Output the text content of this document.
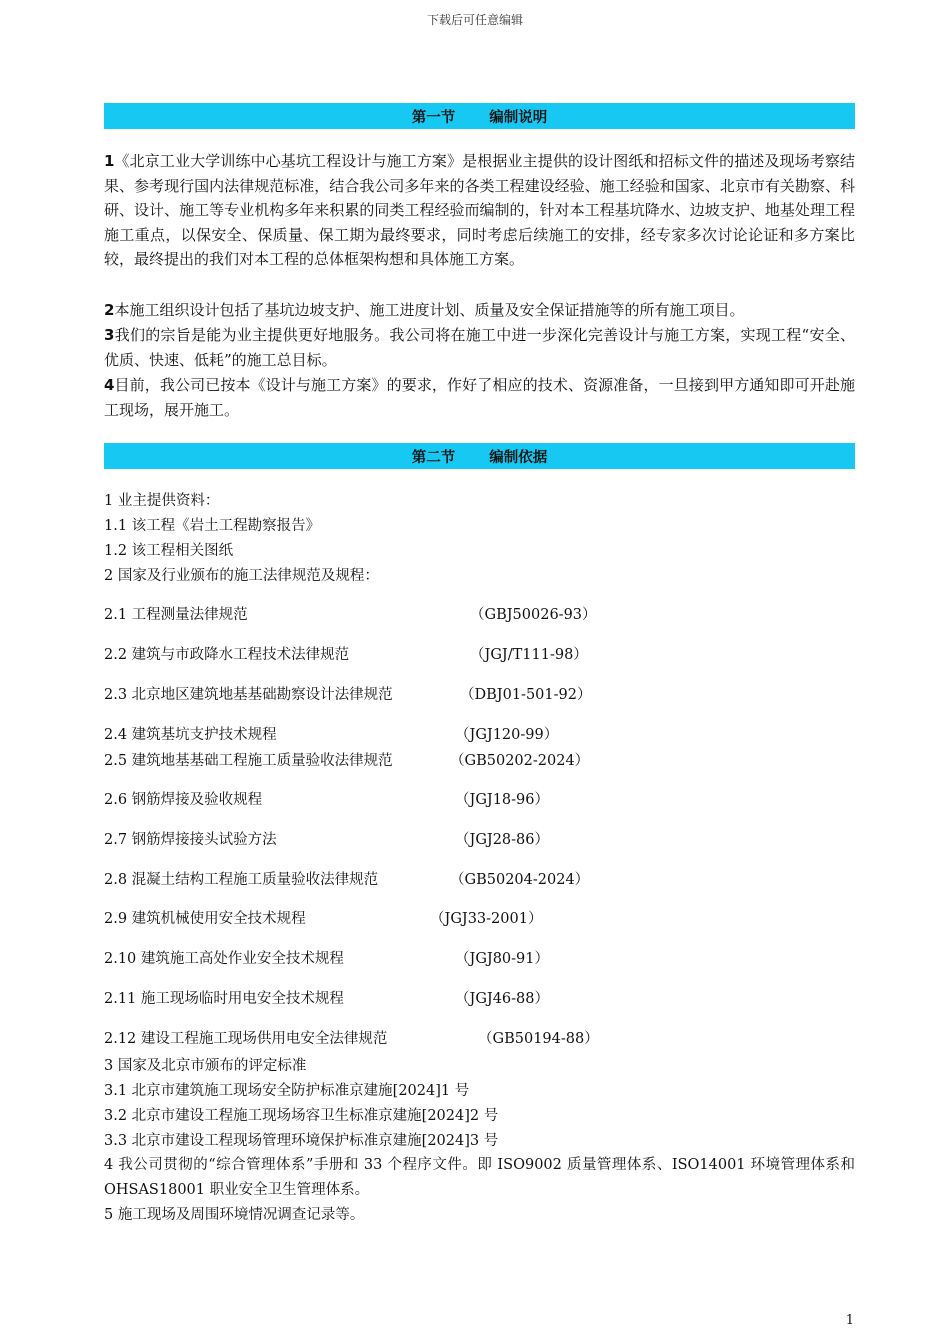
下载后可任意编辑
第一节 编制说明
1《北京工业大学训练中心基坑工程设计与施工方案》是根据业主提供的设计图纸和招标文件的描述及现场考察结果、参考现行国内法律规范标准，结合我公司多年来的各类工程建设经验、施工经验和国家、北京市有关勘察、科研、设计、施工等专业机构多年来积累的同类工程经验而编制的，针对本工程基坑降水、边坡支护、地基处理工程施工重点，以保安全、保质量、保工期为最终要求，同时考虑后续施工的安排，经专家多次讨论论证和多方案比较，最终提出的我们对本工程的总体框架构想和具体施工方案。
2本施工组织设计包括了基坑边坡支护、施工进度计划、质量及安全保证措施等的所有施工项目。
3我们的宗旨是能为业主提供更好地服务。我公司将在施工中进一步深化完善设计与施工方案，实现工程“安全、优质、快速、低耗”的施工总目标。
4目前，我公司已按本《设计与施工方案》的要求，作好了相应的技术、资源准备，一旦接到甲方通知即可开赴施工现场，展开施工。
第二节 编制依据
1 业主提供资料：
1.1 该工程《岩土工程勘察报告》
1.2 该工程相关图纸
2 国家及行业颁布的施工法律规范及规程：
2.1 工程测量法律规范	（GBJ50026-93）
2.2 建筑与市政降水工程技术法律规范	（JGJ/T111-98）
2.3 北京地区建筑地基基础勘察设计法律规范	（DBJ01-501-92）
2.4 建筑基坑支护技术规程	（JGJ120-99）
2.5 建筑地基基础工程施工质量验收法律规范	（GB50202-2024）
2.6 钢筋焊接及验收规程	（JGJ18-96）
2.7 钢筋焊接接头试验方法	（JGJ28-86）
2.8 混凝土结构工程施工质量验收法律规范	（GB50204-2024）
2.9 建筑机械使用安全技术规程	（JGJ33-2001）
2.10 建筑施工高处作业安全技术规程	（JGJ80-91）
2.11 施工现场临时用电安全技术规程	（JGJ46-88）
2.12 建设工程施工现场供用电安全法律规范	（GB50194-88）
3 国家及北京市颁布的评定标准
3.1 北京市建筑施工现场安全防护标准京建施[2024]1 号
3.2 北京市建设工程施工现场场容卫生标准京建施[2024]2 号
3.3 北京市建设工程现场管理环境保护标准京建施[2024]3 号
4 我公司贯彻的“综合管理体系”手册和 33 个程序文件。即 ISO9002 质量管理体系、ISO14001 环境管理体系和 OHSAS18001 职业安全卫生管理体系。
5 施工现场及周围环境情况调查记录等。
1
